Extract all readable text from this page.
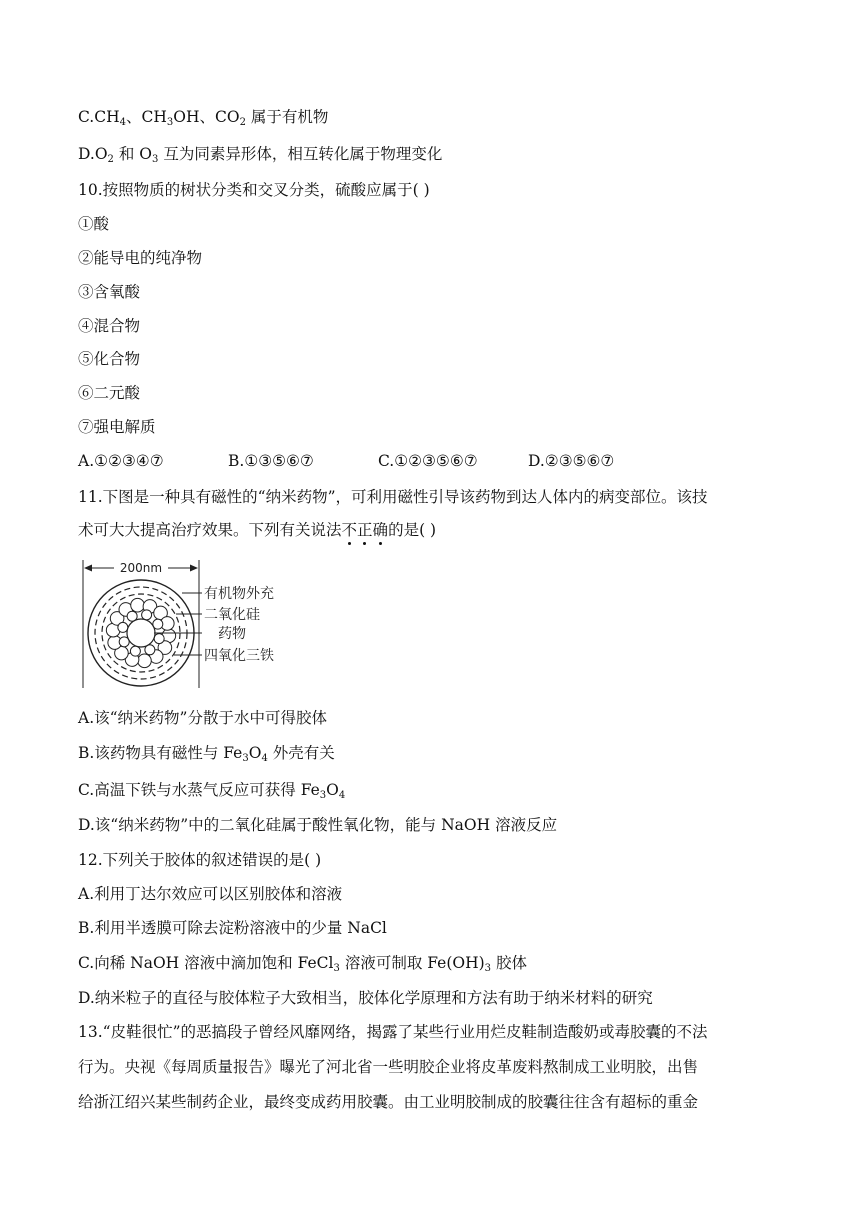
$C.CH_4$、$CH_3OH$、$CO_2$ 属于有机物
$D.O_2$ 和 $O_3$ 互为同素异形体，相互转化属于物理变化
10.按照物质的树状分类和交叉分类，硫酸应属于( )
①酸
②能导电的纯净物
③含氧酸
④混合物
⑤化合物
⑥二元酸
⑦强电解质
A.①②③④⑦	B.①③⑤⑥⑦	C.①②③⑤⑥⑦	D.②③⑤⑥⑦
11.下图是一种具有磁性的“纳米药物”，可利用磁性引导该药物到达人体内的病变部位。该技
术可大大提高治疗效果。下列有关说法不正确的是( )
200nm
有机物外充
二氧化硅
药物
四氧化三铁
A.该“纳米药物”分散于水中可得胶体
B.该药物具有磁性与 $Fe_3O_4$ 外壳有关
C.高温下铁与水蒸气反应可获得 $Fe_3O_4$
D.该“纳米药物”中的二氧化硅属于酸性氧化物，能与 NaOH 溶液反应
12.下列关于胶体的叙述错误的是( )
A.利用丁达尔效应可以区别胶体和溶液
B.利用半透膜可除去淀粉溶液中的少量 NaCl
C.向稀 NaOH 溶液中滴加饱和 FeCl$_3$ 溶液可制取 $Fe(OH)_3$ 胶体
D.纳米粒子的直径与胶体粒子大致相当，胶体化学原理和方法有助于纳米材料的研究
13.“皮鞋很忙”的恶搞段子曾经风靡网络，揭露了某些行业用烂皮鞋制造酸奶或毒胶囊的不法
行为。央视《每周质量报告》曝光了河北省一些明胶企业将皮革废料熬制成工业明胶，出售
给浙江绍兴某些制药企业，最终变成药用胶囊。由工业明胶制成的胶囊往往含有超标的重金
